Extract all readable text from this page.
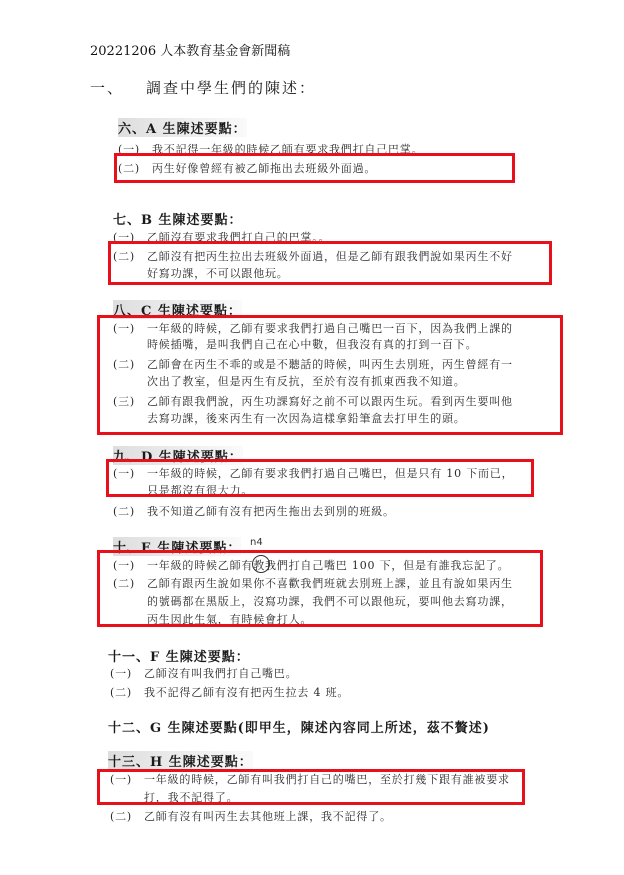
20221206 人本教育基金會新聞稿
一、 調查中學生們的陳述：
六、A 生陳述要點：
(一) 我不記得一年級的時候乙師有要求我們打自己巴掌。
(二) 丙生好像曾經有被乙師拖出去班級外面過。
七、B 生陳述要點：
(一) 乙師沒有要求我們打自己的巴掌。。
(二) 乙師沒有把丙生拉出去班級外面過，但是乙師有跟我們說如果丙生不好
好寫功課，不可以跟他玩。
八、C 生陳述要點：
(一) 一年級的時候，乙師有要求我們打過自己嘴巴一百下，因為我們上課的
時候插嘴，是叫我們自己在心中數，但我沒有真的打到一百下。
(二) 乙師會在丙生不乖的或是不聽話的時候，叫丙生去別班，丙生曾經有一
次出了教室，但是丙生有反抗，至於有沒有抓東西我不知道。
(三) 乙師有跟我們說，丙生功課寫好之前不可以跟丙生玩。看到丙生要叫他
去寫功課，後來丙生有一次因為這樣拿鉛筆盒去打甲生的頭。
九、D 生陳述要點：
(一) 一年級的時候，乙師有要求我們打過自己嘴巴，但是只有 10 下而已，
只是都沒有很大力。
(二) 我不知道乙師有沒有把丙生拖出去到別的班級。
十、E 生陳述要點： n4
(一) 一年級的時候乙師有教我們打自己嘴巴 100 下，但是有誰我忘記了。
(二) 乙師有跟丙生說如果你不喜歡我們班就去別班上課，並且有說如果丙生
的號碼都在黑版上，沒寫功課，我們不可以跟他玩，要叫他去寫功課，
丙生因此生氣，有時候會打人。
十一、F 生陳述要點：
(一) 乙師沒有叫我們打自己嘴巴。
(二) 我不記得乙師有沒有把丙生拉去 4 班。
十二、G 生陳述要點(即甲生，陳述內容同上所述，茲不贅述)
十三、H 生陳述要點：
(一) 一年級的時候，乙師有叫我們打自己的嘴巴，至於打幾下跟有誰被要求
打，我不記得了。
(二) 乙師有沒有叫丙生去其他班上課，我不記得了。
